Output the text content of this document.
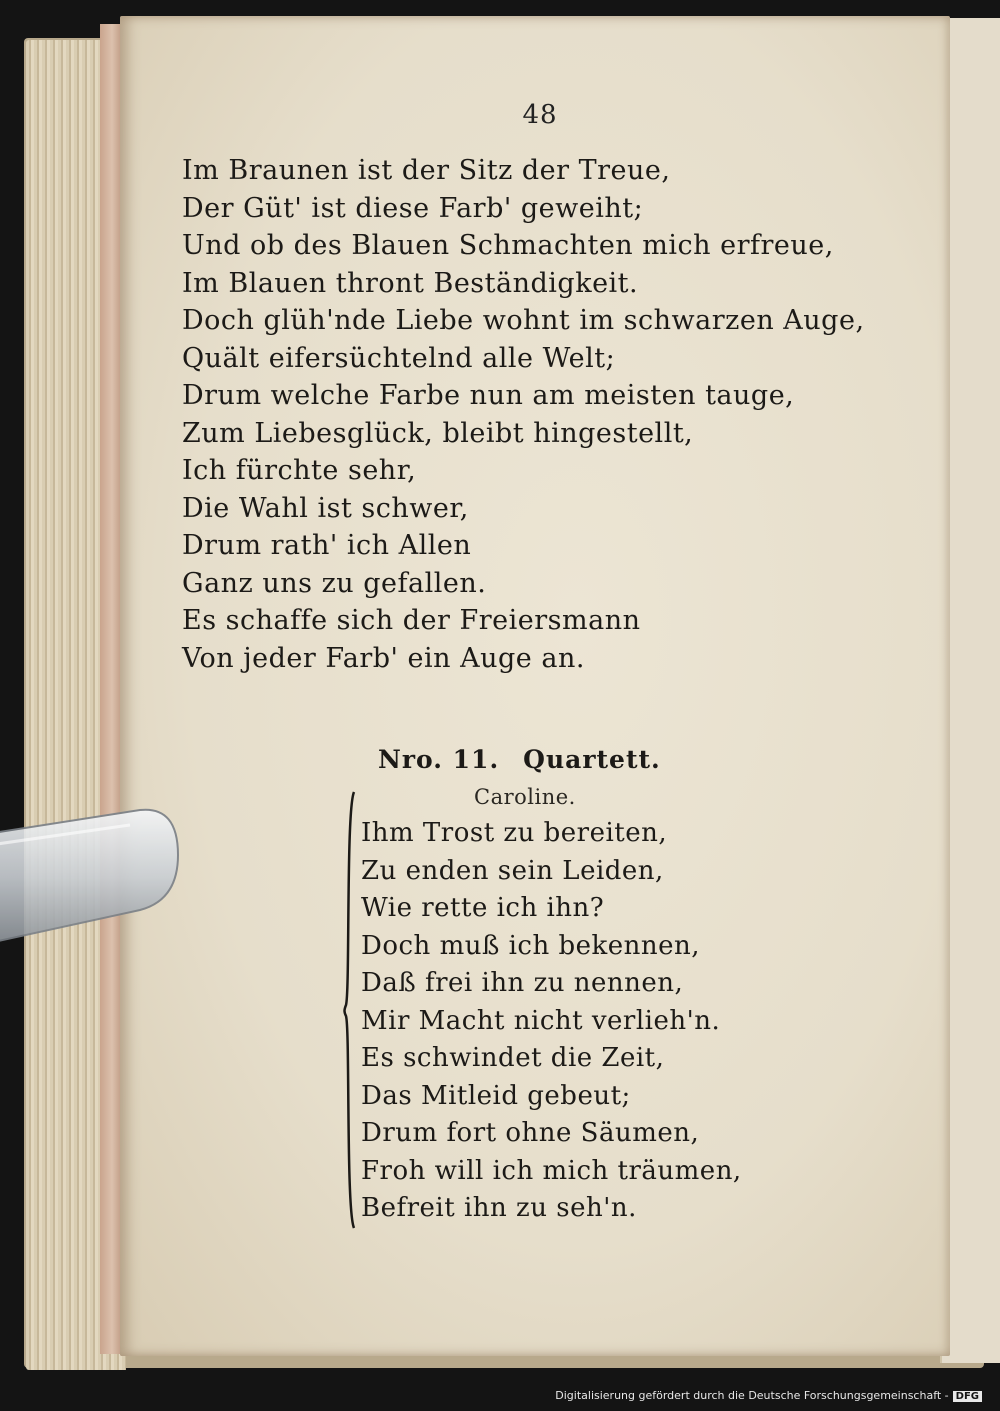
48
Im Braunen ist der Sitz der Treue,
Der Güt' ist diese Farb' geweiht;
Und ob des Blauen Schmachten mich erfreue,
Im Blauen thront Beständigkeit.
Doch glüh'nde Liebe wohnt im schwarzen Auge,
Quält eifersüchtelnd alle Welt;
Drum welche Farbe nun am meisten tauge,
Zum Liebesglück, bleibt hingestellt,
Ich fürchte sehr,
Die Wahl ist schwer,
Drum rath' ich Allen
Ganz uns zu gefallen.
Es schaffe sich der Freiersmann
Von jeder Farb' ein Auge an.
Nro. 11. Quartett.
Caroline.
Ihm Trost zu bereiten,
Zu enden sein Leiden,
Wie rette ich ihn?
Doch muß ich bekennen,
Daß frei ihn zu nennen,
Mir Macht nicht verlieh'n.
Es schwindet die Zeit,
Das Mitleid gebeut;
Drum fort ohne Säumen,
Froh will ich mich träumen,
Befreit ihn zu seh'n.
Digitalisierung gefördert durch die Deutsche Forschungsgemeinschaft - DFG
